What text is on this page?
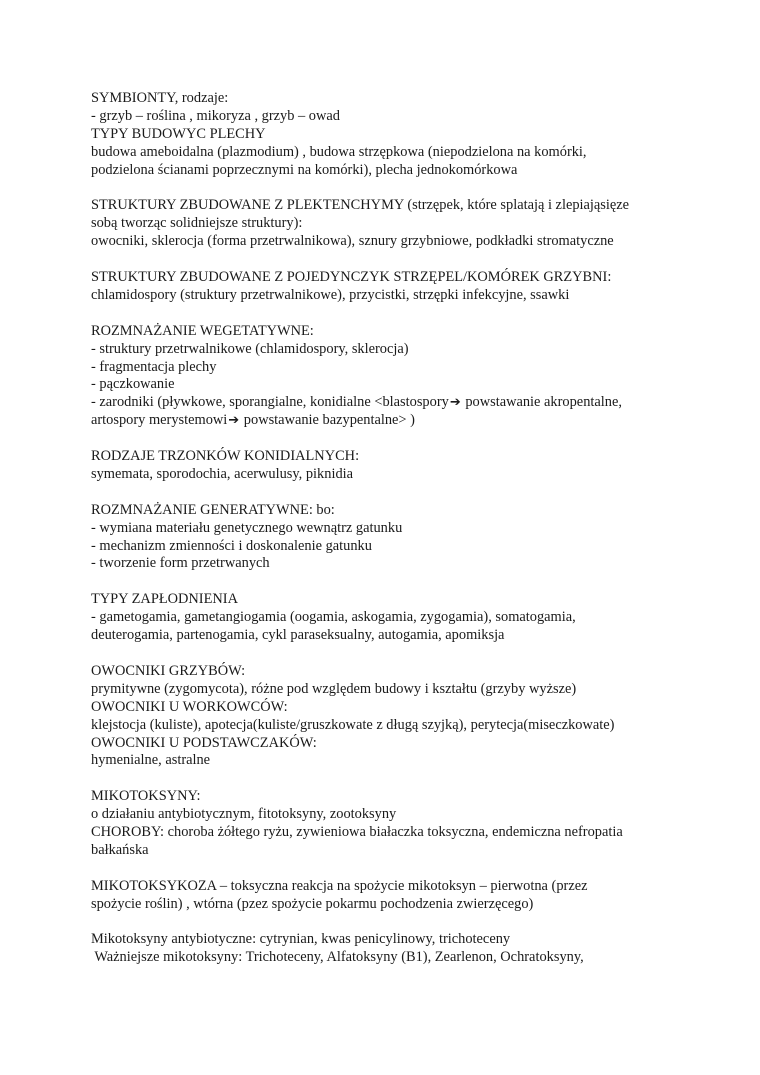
SYMBIONTY, rodzaje:
- grzyb – roślina , mikoryza , grzyb – owad
TYPY BUDOWYC PLECHY
budowa ameboidalna (plazmodium) , budowa strzępkowa (niepodzielona na komórki,
podzielona ścianami poprzecznymi na komórki), plecha jednokomórkowa
STRUKTURY ZBUDOWANE Z PLEKTENCHYMY (strzępek, które splatają i zlepiająsięze
sobą tworząc solidniejsze struktury):
owocniki, sklerocja (forma przetrwalnikowa), sznury grzybniowe, podkładki stromatyczne
STRUKTURY ZBUDOWANE Z POJEDYNCZYK STRZĘPEL/KOMÓREK GRZYBNI:
chlamidospory (struktury przetrwalnikowe), przycistki, strzępki infekcyjne, ssawki
ROZMNAŻANIE WEGETATYWNE:
- struktury przetrwalnikowe (chlamidospory, sklerocja)
- fragmentacja plechy
- pączkowanie
- zarodniki (pływkowe, sporangialne, konidialne <blastospory➔ powstawanie akropentalne,
artospory merystemowi➔ powstawanie bazypentalne> )
RODZAJE TRZONKÓW KONIDIALNYCH:
symemata, sporodochia, acerwulusy, piknidia
ROZMNAŻANIE GENERATYWNE: bo:
- wymiana materiału genetycznego wewnątrz gatunku
- mechanizm zmienności i doskonalenie gatunku
- tworzenie form przetrwanych
TYPY ZAPŁODNIENIA
- gametogamia, gametangiogamia (oogamia, askogamia, zygogamia), somatogamia,
deuterogamia, partenogamia, cykl paraseksualny, autogamia, apomiksja
OWOCNIKI GRZYBÓW:
prymitywne (zygomycota), różne pod względem budowy i kształtu (grzyby wyższe)
OWOCNIKI U WORKOWCÓW:
klejstocja (kuliste), apotecja(kuliste/gruszkowate z długą szyjką), perytecja(miseczkowate)
OWOCNIKI U PODSTAWCZAKÓW:
hymenialne, astralne
MIKOTOKSYNY:
o działaniu antybiotycznym, fitotoksyny, zootoksyny
CHOROBY: choroba żółtego ryżu, zywieniowa białaczka toksyczna, endemiczna nefropatia
bałkańska
MIKOTOKSYKOZA – toksyczna reakcja na spożycie mikotoksyn – pierwotna (przez
spożycie roślin) , wtórna (pzez spożycie pokarmu pochodzenia zwierzęcego)
Mikotoksyny antybiotyczne: cytrynian, kwas penicylinowy, trichoteceny
Ważniejsze mikotoksyny: Trichoteceny, Alfatoksyny (B1), Zearlenon, Ochratoksyny,
